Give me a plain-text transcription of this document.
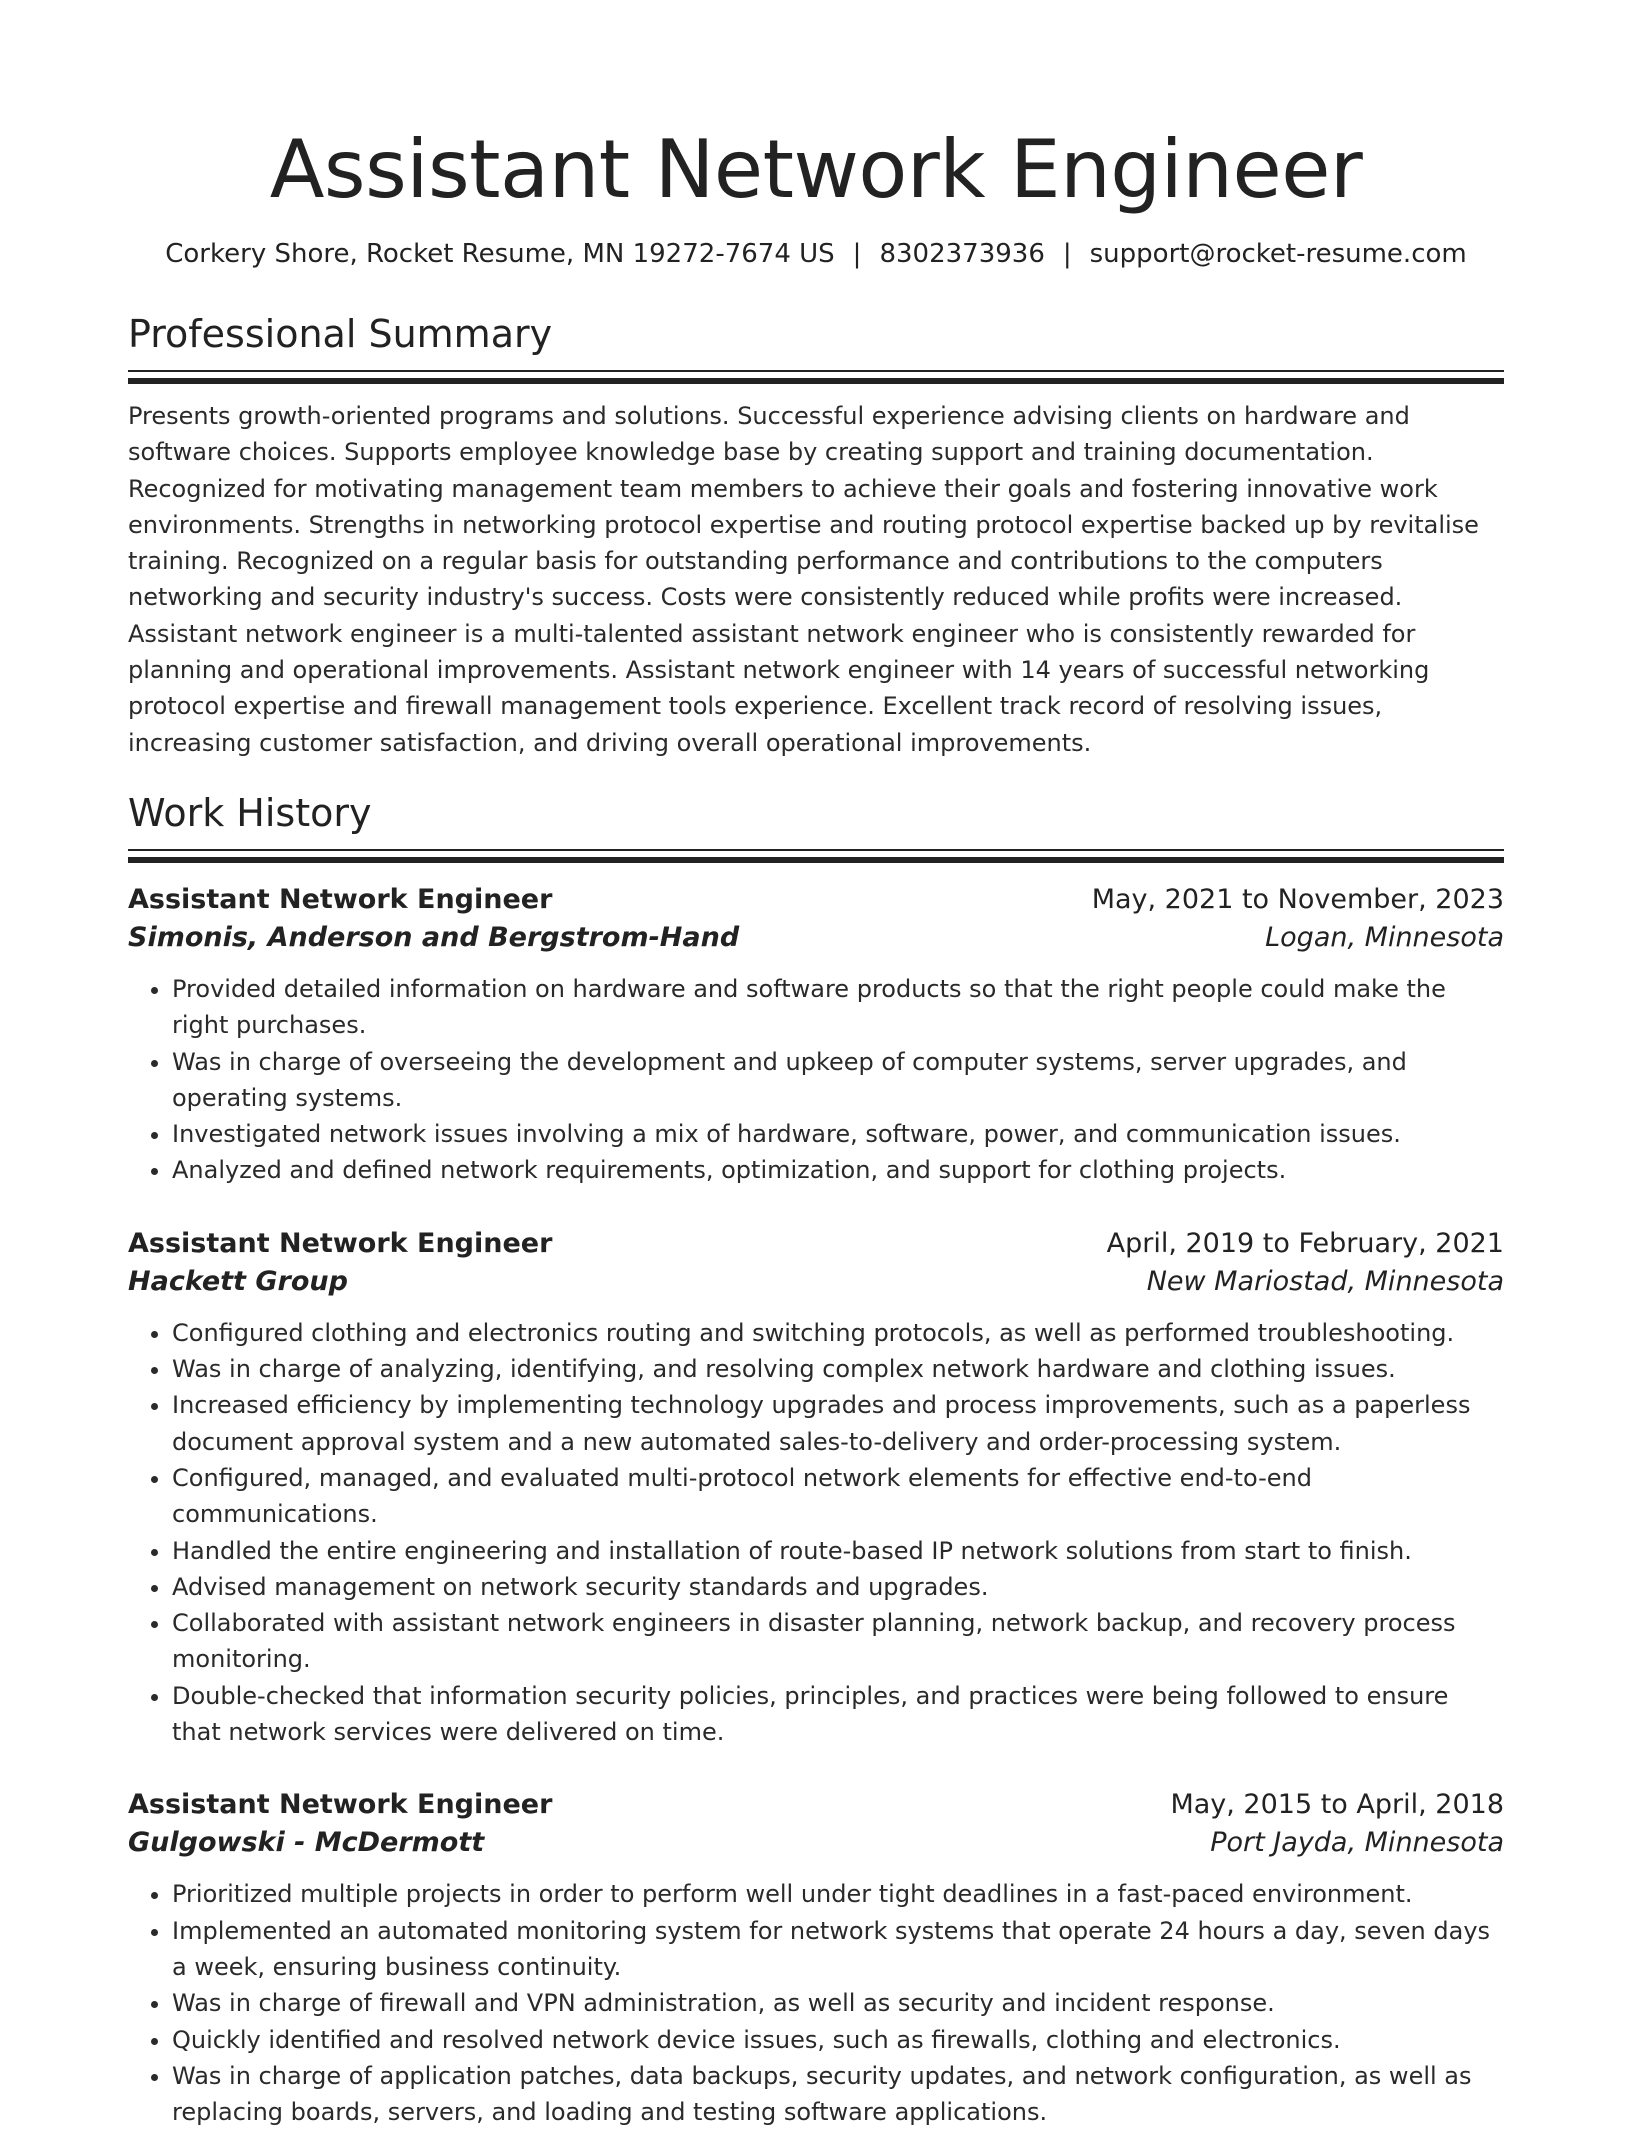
Assistant Network Engineer
Corkery Shore, Rocket Resume, MN 19272-7674 US | 8302373936 | support@rocket-resume.com
Professional Summary

Presents growth-oriented programs and solutions. Successful experience advising clients on hardware and software choices. Supports employee knowledge base by creating support and training documentation. Recognized for motivating management team members to achieve their goals and fostering innovative work environments. Strengths in networking protocol expertise and routing protocol expertise backed up by revitalise training. Recognized on a regular basis for outstanding performance and contributions to the computers networking and security industry's success. Costs were consistently reduced while profits were increased. Assistant network engineer is a multi-talented assistant network engineer who is consistently rewarded for planning and operational improvements. Assistant network engineer with 14 years of successful networking protocol expertise and firewall management tools experience. Excellent track record of resolving issues, increasing customer satisfaction, and driving overall operational improvements.

Work History
Assistant Network Engineer	May, 2021 to November, 2023
Simonis, Anderson and Bergstrom-Hand	Logan, Minnesota
• Provided detailed information on hardware and software products so that the right people could make the right purchases.
• Was in charge of overseeing the development and upkeep of computer systems, server upgrades, and operating systems.
• Investigated network issues involving a mix of hardware, software, power, and communication issues.
• Analyzed and defined network requirements, optimization, and support for clothing projects.
Assistant Network Engineer	April, 2019 to February, 2021
Hackett Group	New Mariostad, Minnesota
• Configured clothing and electronics routing and switching protocols, as well as performed troubleshooting.
• Was in charge of analyzing, identifying, and resolving complex network hardware and clothing issues.
• Increased efficiency by implementing technology upgrades and process improvements, such as a paperless document approval system and a new automated sales-to-delivery and order-processing system.
• Configured, managed, and evaluated multi-protocol network elements for effective end-to-end communications.
• Handled the entire engineering and installation of route-based IP network solutions from start to finish.
• Advised management on network security standards and upgrades.
• Collaborated with assistant network engineers in disaster planning, network backup, and recovery process monitoring.
• Double-checked that information security policies, principles, and practices were being followed to ensure that network services were delivered on time.
Assistant Network Engineer	May, 2015 to April, 2018
Gulgowski - McDermott	Port Jayda, Minnesota
• Prioritized multiple projects in order to perform well under tight deadlines in a fast-paced environment.
• Implemented an automated monitoring system for network systems that operate 24 hours a day, seven days a week, ensuring business continuity.
• Was in charge of firewall and VPN administration, as well as security and incident response.
• Quickly identified and resolved network device issues, such as firewalls, clothing and electronics.
• Was in charge of application patches, data backups, security updates, and network configuration, as well as replacing boards, servers, and loading and testing software applications.
